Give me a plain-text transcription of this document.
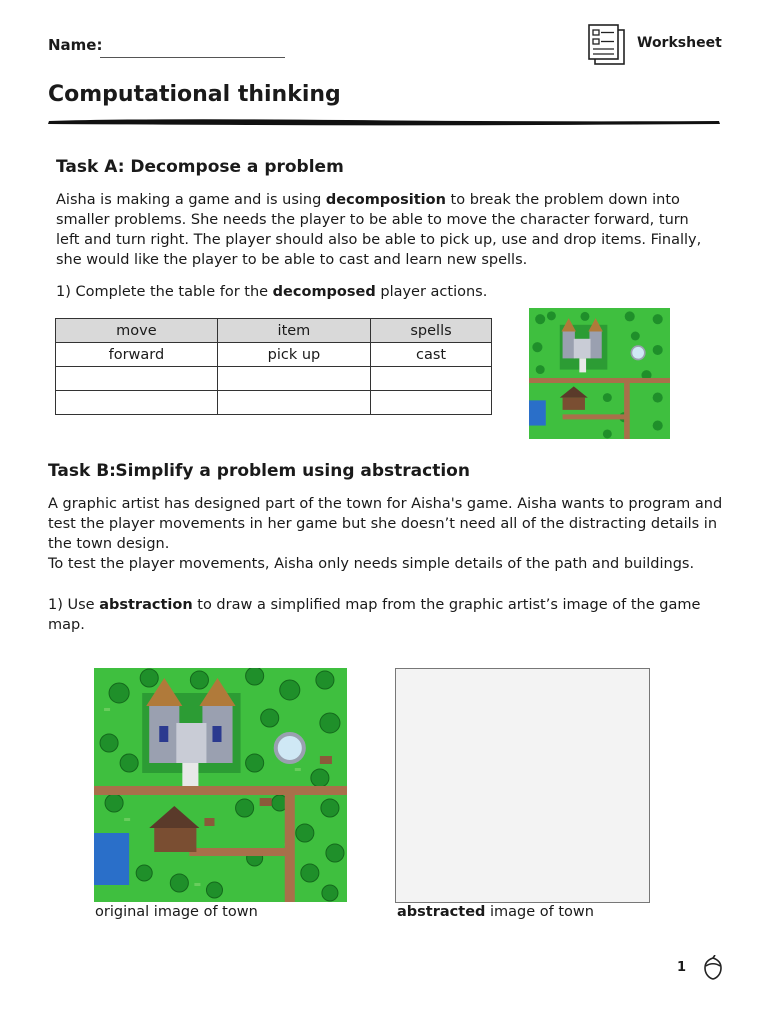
Name:	Worksheet
Computational thinking
Task A: Decompose a problem

Aisha is making a game and is using decomposition to break the problem down into smaller problems. She needs the player to be able to move the character forward, turn left and turn right. The player should also be able to pick up, use and drop items. Finally, she would like the player to be able to cast and learn new spells.

1) Complete the table for the decomposed player actions.

move	item	spells
forward	pick up	cast

Task B: Simplify a problem using abstraction

A graphic artist has designed part of the town for Aisha's game. Aisha wants to program and test the player movements in her game but she doesn’t need all of the distracting details in the town design.

To test the player movements, Aisha only needs simple details of the path and buildings.

1) Use abstraction to draw a simplified map from the graphic artist’s image of the game map.

original image of town	abstracted image of town
1
